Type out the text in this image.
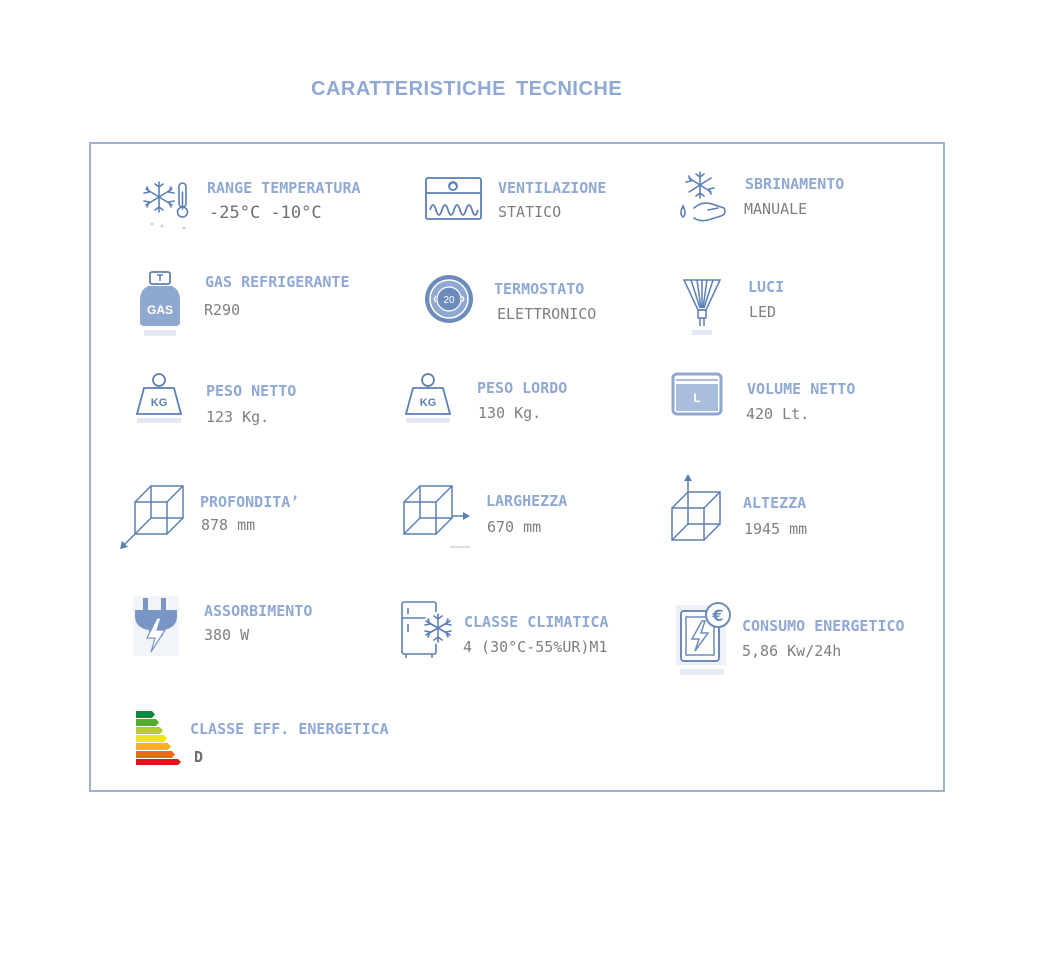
CARATTERISTICHE TECNICHE
RANGE TEMPERATURA
-25°C -10°C
VENTILAZIONE
STATICO
SBRINAMENTO
MANUALE
GAS
GAS REFRIGERANTE
R290
20
TERMOSTATO
ELETTRONICO
LUCI
LED
KG
PESO NETTO
123 Kg.
KG
PESO LORDO
130 Kg.
L	VOLUME NETTO
420 Lt.
PROFONDITA’
878 mm
LARGHEZZA
670 mm
ALTEZZA
1945 mm
ASSORBIMENTO
380 W
CLASSE CLIMATICA
4 (30°C-55%UR)M1
€
CONSUMO ENERGETICO
5,86 Kw/24h
CLASSE EFF. ENERGETICA
D
